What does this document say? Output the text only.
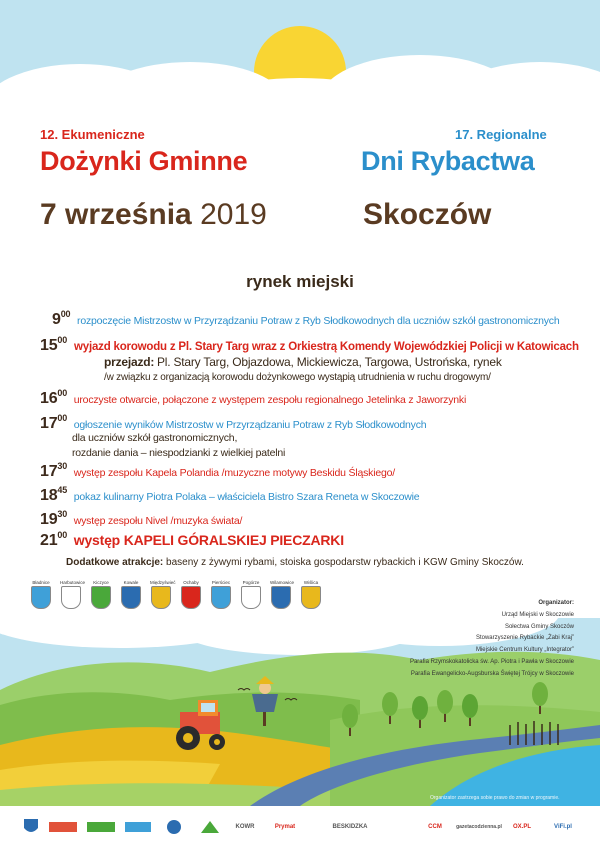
12. Ekumeniczne
Dożynki Gminne
17. Regionalne
Dni Rybactwa
7 września 2019	Skoczów
rynek miejski
$9^{00}$ rozpoczęcie Mistrzostw w Przyrządzaniu Potraw z Ryb Słodkowodnych dla uczniów szkół gastronomicznych
$15^{00}$ wyjazd korowodu z Pl. Stary Targ wraz z Orkiestrą Komendy Wojewódzkiej Policji w Katowicach
przejazd: Pl. Stary Targ, Objazdowa, Mickiewicza, Targowa, Ustrońska, rynek
/w związku z organizacją korowodu dożynkowego wystąpią utrudnienia w ruchu drogowym/
$16^{00}$ uroczyste otwarcie, połączone z występem zespołu regionalnego Jetelinka z Jaworzynki
$17^{00}$ ogłoszenie wyników Mistrzostw w Przyrządzaniu Potraw z Ryb Słodkowodnych
dla uczniów szkół gastronomicznych,
rozdanie dania – niespodzianki z wielkiej patelni
$17^{30}$ występ zespołu Kapela Polandia /muzyczne motywy Beskidu Śląskiego/
$18^{45}$ pokaz kulinarny Piotra Polaka – właściciela Bistro Szara Reneta w Skoczowie
$19^{30}$ występ zespołu Nivel /muzyka świata/
$21^{00}$ występ KAPELI GÓRALSKIEJ PIECZARKI
Dodatkowe atrakcje: baseny z żywymi rybami, stoiska gospodarstw rybackich i KGW Gminy Skoczów.
Bładnice	Harbutowice	Kiczyce	Kowale	Międzyświeć	Ochaby	Pierściec	Pogórze	Wilamowice	Wiślica
Organizator:
Urząd Miejski w Skoczowie
Sołectwa Gminy Skoczów
Stowarzyszenie Rybackie „Żabi Kraj”
Miejskie Centrum Kultury „Integrator”
Parafia Rzymskokatolicka św. Ap. Piotra i Pawła w Skoczowie
Parafia Ewangelicko-Augsburska Świętej Trójcy w Skoczowie
Organizator zastrzega sobie prawo do zmian w programie.
KOWR	Prymat	BESKIDZKA	CCM	gazetacodzienna.pl	OX.PL	ViFi.pl
